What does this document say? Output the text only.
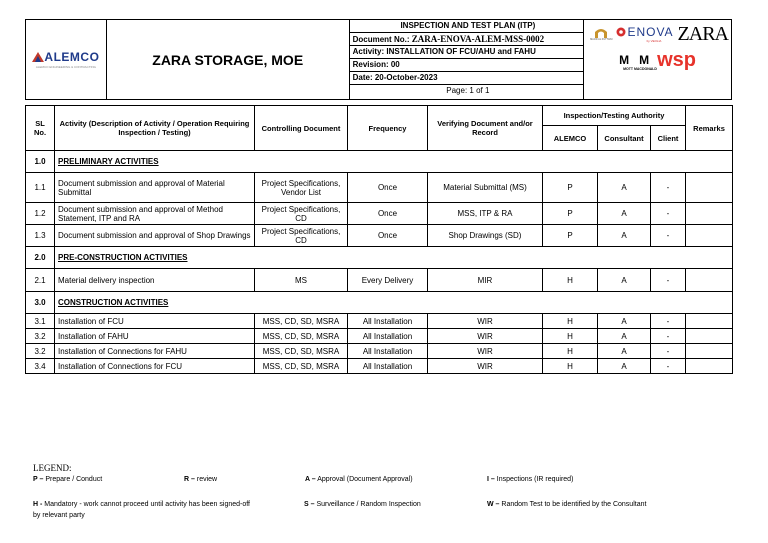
ALEMCO
ALEMCO ENGINEERING & CONTRACTING	ZARA STORAGE, MOE	
INSPECTION AND TEST PLAN (ITP)
Document No.: ZARA-ENOVA-ALEM-MSS-0002
Activity: INSTALLATION OF FCU/AHU and FAHU
Revision: 00
Date: 20-October-2023
Page: 1 of 1

MAJID AL FUTTAIM ENOVA
by VEOLIA ZARA
M M
MOTT MACDONALD wsp
SL No.	Activity (Description of Activity / Operation Requiring Inspection / Testing)	Controlling Document	Frequency	Verifying Document and/or Record	Inspection/Testing Authority			Remarks
					ALEMCO	Consultant	Client	
1.0	PRELIMINARY ACTIVITIES							
1.1	Document submission and approval of Material Submittal	Project Specifications, Vendor List	Once	Material Submittal (MS)	P	A	-	
1.2	Document submission and approval of Method Statement, ITP and RA	Project Specifications, CD	Once	MSS, ITP & RA	P	A	-	
1.3	Document submission and approval of Shop Drawings	Project Specifications, CD	Once	Shop Drawings (SD)	P	A	-	
2.0	PRE-CONSTRUCTION ACTIVITIES							
2.1	Material delivery inspection	MS	Every Delivery	MIR	H	A	-	
3.0	CONSTRUCTION ACTIVITIES							
3.1	Installation of FCU	MSS, CD, SD, MSRA	All Installation	WIR	H	A	-	
3.2	Installation of FAHU	MSS, CD, SD, MSRA	All Installation	WIR	H	A	-	
3.2	Installation of Connections for FAHU	MSS, CD, SD, MSRA	All Installation	WIR	H	A	-	
3.4	Installation of Connections for FCU	MSS, CD, SD, MSRA	All Installation	WIR	H	A	-	
LEGEND:
P – Prepare / Conduct	R – review	A – Approval (Document Approval)	I – Inspections (IR required)
H - Mandatory - work cannot proceed until activity has been signed-off
by relevant party
S – Surveillance / Random Inspection	W – Random Test to be identified by the Consultant
